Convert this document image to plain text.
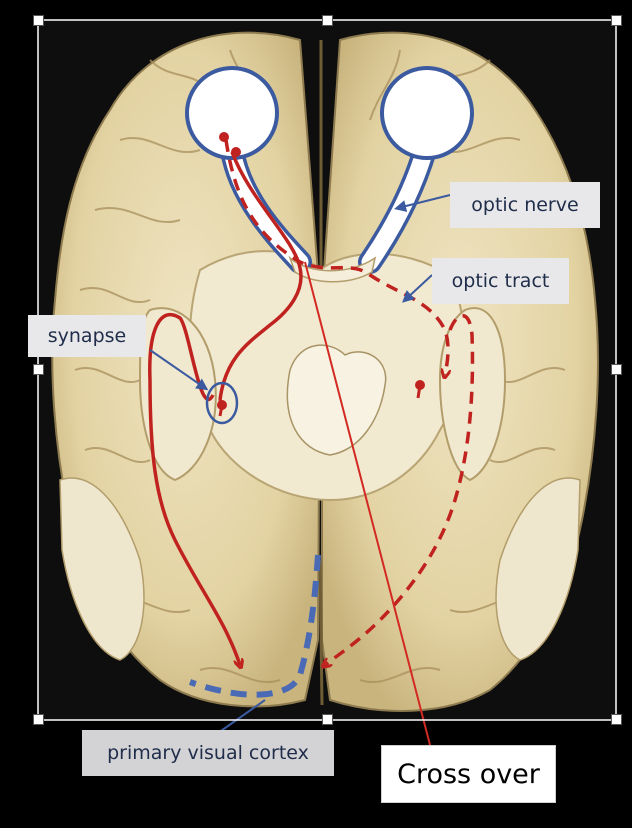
optic nerve
optic tract
synapse
primary visual cortex
Cross over
